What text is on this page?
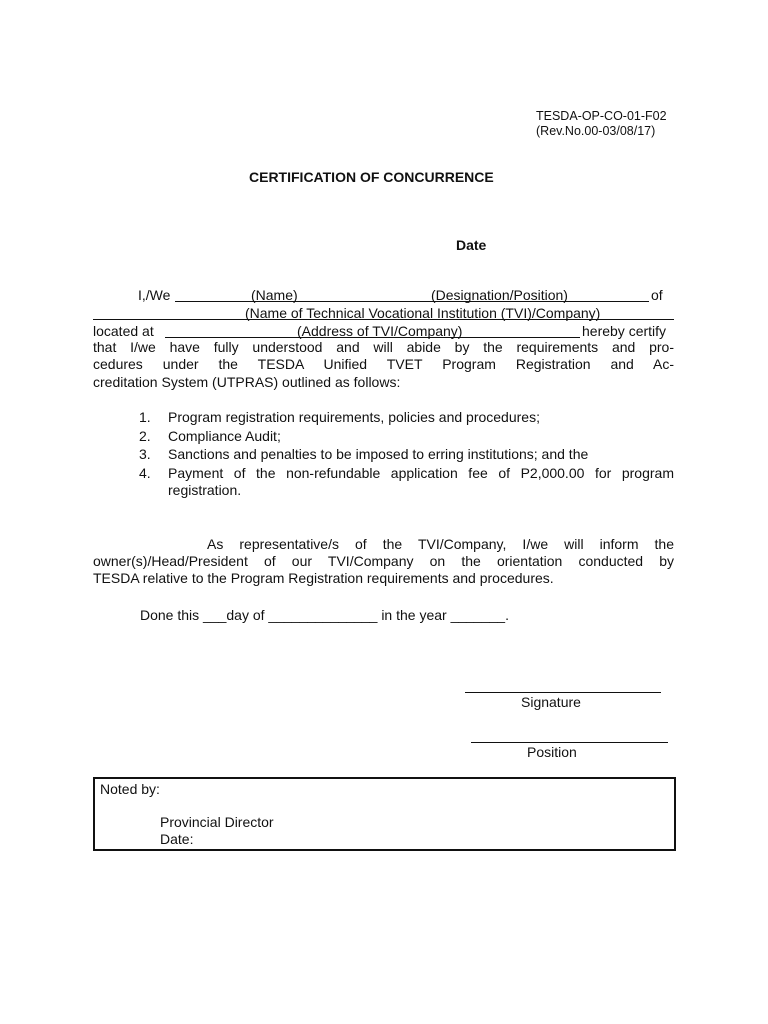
TESDA-OP-CO-01-F02
(Rev.No.00-03/08/17)
CERTIFICATION OF CONCURRENCE
Date
I,/We	(Name)	(Designation/Position)	of
(Name of Technical Vocational Institution (TVI)/Company)
located at	(Address of TVI/Company)	hereby certify
that I/we have fully understood and will abide by the requirements and pro-
cedures under the TESDA Unified TVET Program Registration and Ac-
creditation System (UTPRAS) outlined as follows:
1. Program registration requirements, policies and procedures;
2. Compliance Audit;
3. Sanctions and penalties to be imposed to erring institutions; and the
4. Payment of the non-refundable application fee of P2,000.00 for program registration.
As representative/s of the TVI/Company, I/we will inform the
owner(s)/Head/President of our TVI/Company on the orientation conducted by
TESDA relative to the Program Registration requirements and procedures.
Done this ___day of ______________ in the year _______.
Signature
Position
Noted by:
Provincial Director
Date:
